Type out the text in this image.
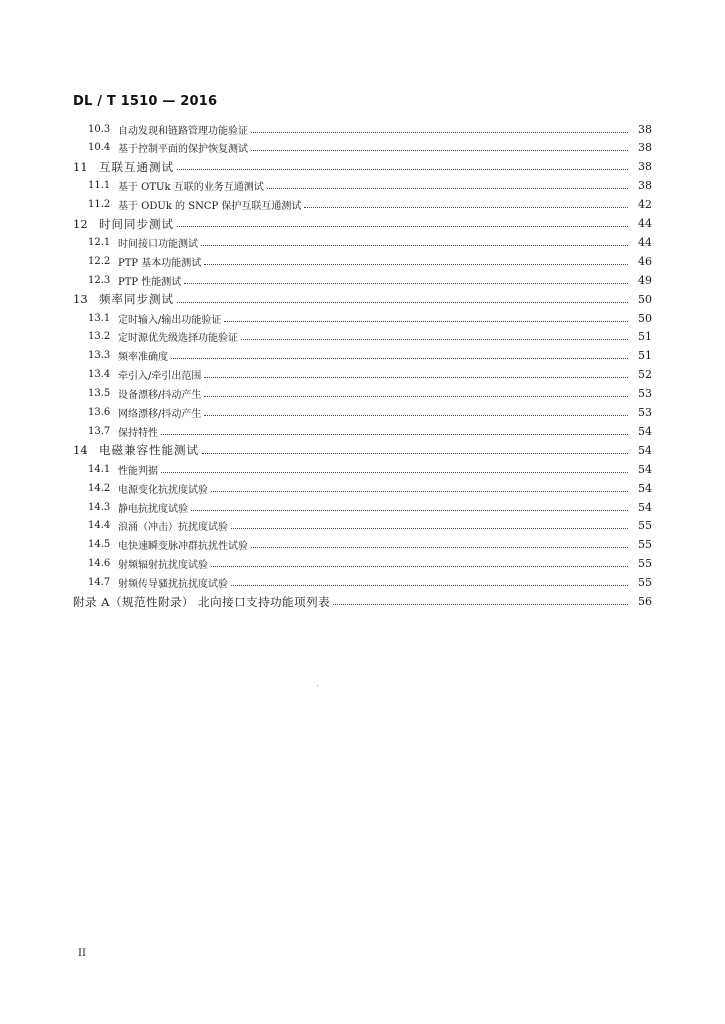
DL / T 1510 — 2016
10.3 自动发现和链路管理功能验证	38
10.4 基于控制平面的保护恢复测试	38
11 互联互通测试	38
11.1 基于 OTUk 互联的业务互通测试	38
11.2 基于 ODUk 的 SNCP 保护互联互通测试	42
12 时间同步测试	44
12.1 时间接口功能测试	44
12.2 PTP 基本功能测试	46
12.3 PTP 性能测试	49
13 频率同步测试	50
13.1 定时输入/输出功能验证	50
13.2 定时源优先级选择功能验证	51
13.3 频率准确度	51
13.4 牵引入/牵引出范围	52
13.5 设备漂移/抖动产生	53
13.6 网络漂移/抖动产生	53
13.7 保持特性	54
14 电磁兼容性能测试	54
14.1 性能判据	54
14.2 电源变化抗扰度试验	54
14.3 静电抗扰度试验	54
14.4 浪涌（冲击）抗扰度试验	55
14.5 电快速瞬变脉冲群抗扰性试验	55
14.6 射频辐射抗扰度试验	55
14.7 射频传导骚扰抗扰度试验	55
附录 A（规范性附录） 北向接口支持功能项列表	56
II
